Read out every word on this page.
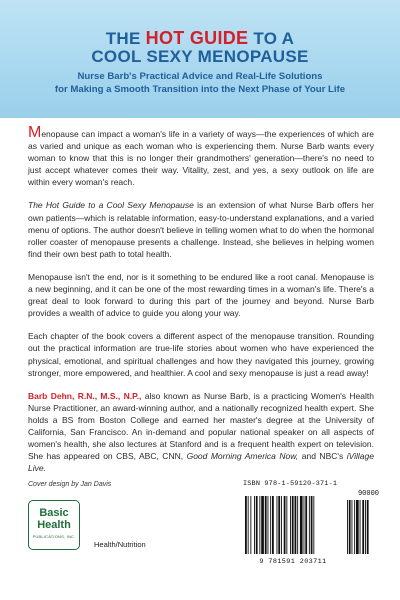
THE HOT GUIDE TO A
COOL SEXY MENOPAUSE
Nurse Barb's Practical Advice and Real-Life Solutions
for Making a Smooth Transition into the Next Phase of Your Life

Menopause can impact a woman's life in a variety of ways—the experiences of which are as varied and unique as each woman who is experiencing them. Nurse Barb wants every woman to know that this is no longer their grandmothers' generation—there's no need to just accept whatever comes their way. Vitality, zest, and yes, a sexy outlook on life are within every woman's reach.

The Hot Guide to a Cool Sexy Menopause is an extension of what Nurse Barb offers her own patients—which is relatable information, easy-to-understand explanations, and a varied menu of options. The author doesn't believe in telling women what to do when the hormonal roller coaster of menopause presents a challenge. Instead, she believes in helping women find their own best path to total health.

Menopause isn't the end, nor is it something to be endured like a root canal. Menopause is a new beginning, and it can be one of the most rewarding times in a woman's life. There's a great deal to look forward to during this part of the journey and beyond. Nurse Barb provides a wealth of advice to guide you along your way.

Each chapter of the book covers a different aspect of the menopause transition. Rounding out the practical information are true-life stories about women who have experienced the physical, emotional, and spiritual challenges and how they navigated this journey, growing stronger, more empowered, and healthier. A cool and sexy menopause is just a read away!

Barb Dehn, R.N., M.S., N.P., also known as Nurse Barb, is a practicing Women's Health Nurse Practitioner, an award-winning author, and a nationally recognized health expert. She holds a BS from Boston College and earned her master's degree at the University of California, San Francisco. An in-demand and popular national speaker on all aspects of women's health, she also lectures at Stanford and is a frequent health expert on television. She has appeared on CBS, ABC, CNN, Good Morning America Now, and NBC's iVillage Live.

Cover design by Jan Davis
Basic
Health
PUBLICATIONS, INC.
Health/Nutrition
ISBN 978-1-59120-371-1
90000
9 781591 203711
